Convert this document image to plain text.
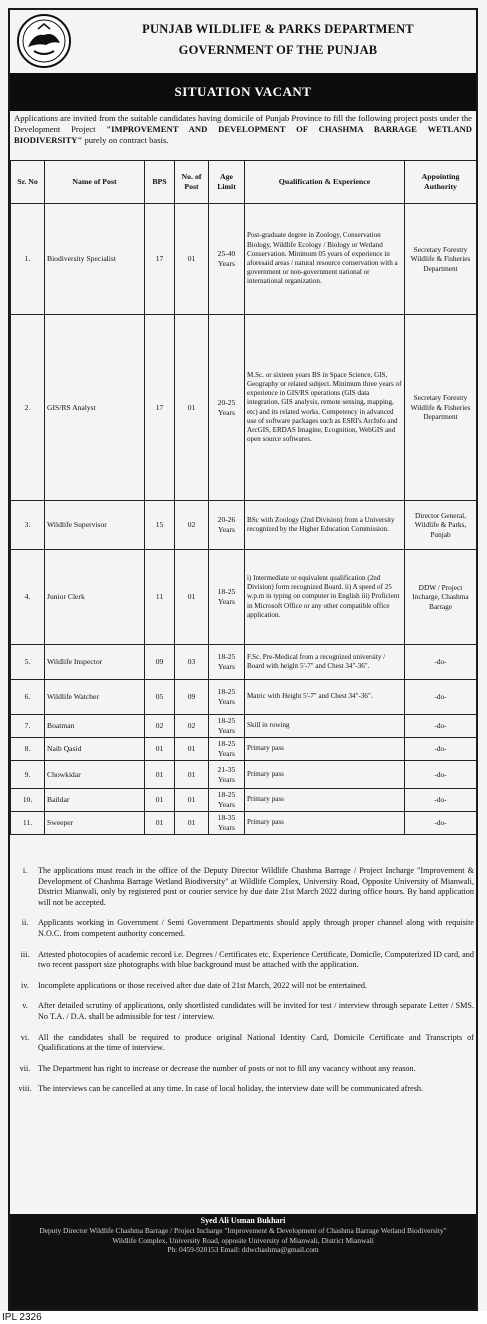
PUNJAB WILDLIFE & PARKS DEPARTMENT
GOVERNMENT OF THE PUNJAB
SITUATION VACANT
Applications are invited from the suitable candidates having domicile of Punjab Province to fill the following project posts under the Development Project "IMPROVEMENT AND DEVELOPMENT OF CHASHMA BARRAGE WETLAND BIODIVERSITY" purely on contract basis.
Sr. No	Name of Post	BPS	No. of Post	Age Limit	Qualification & Experience	Appointing Authority
1.	Biodiversity Specialist	17	01	25-40 Years	Post-graduate degree in Zoology, Conservation Biology, Wildlife Ecology / Biology or Wetland Conservation. Minimum 05 years of experience in aforesaid areas / natural resource conservation with a government or non-government national or international organization.	Secretary Forestry Wildlife & Fisheries Department
2.	GIS/RS Analyst	17	01	20-25 Years	M.Sc. or sixteen years BS in Space Science, GIS, Geography or related subject. Minimum three years of experience in GIS/RS operations (GIS data integration, GIS analysis, remote sensing, mapping, etc) and its related works. Competency in advanced use of software packages such as ESRI's ArcInfo and ArcGIS, ERDAS Imagine, Ecognition, WebGIS and open source softwares.	Secretary Forestry Wildlife & Fisheries Department
3.	Wildlife Supervisor	15	02	20-26 Years	BSc with Zoology (2nd Division) from a University recognized by the Higher Education Commission.	Director General, Wildlife & Parks, Punjab
4.	Junior Clerk	11	01	18-25 Years	i) Intermediate or equivalent qualification (2nd Division) form recognized Board. ii) A speed of 25 w.p.m in typing on computer in English iii) Proficient in Microsoft Office or any other compatible office application.	DDW / Project Incharge, Chashma Barrage
5.	Wildlife Inspector	09	03	18-25 Years	F.Sc. Pre-Medical from a recognized university / Board with height 5'-7" and Chest 34"-36".	-do-
6.	Wildlife Watcher	05	09	18-25 Years	Matric with Height 5'-7" and Chest 34"-36".	-do-
7.	Boatman	02	02	18-25 Years	Skill in rowing	-do-
8.	Naib Qasid	01	01	18-25 Years	Primary pass	-do-
9.	Chowkidar	01	01	21-35 Years	Primary pass	-do-
10.	Baildar	01	01	18-25 Years	Primary pass	-do-
11.	Sweeper	01	01	18-35 Years	Primary pass	-do-
i.	The applications must reach in the office of the Deputy Director Wildlife Chashma Barrage / Project Incharge "Improvement & Development of Chashma Barrage Wetland Biodiversity" at Wildlife Complex, University Road, Opposite University of Mianwali, District Mianwali, only by registered post or courier service by due date 21st March 2022 during office hours. By hand application will not be accepted.
ii.	Applicants working in Government / Semi Government Departments should apply through proper channel along with requisite N.O.C. from competent authority concerned.
iii.	Attested photocopies of academic record i.e. Degrees / Certificates etc. Experience Certificate, Domicile, Computerized ID card, and two recent passport size photographs with blue background must be attached with the application.
iv.	Incomplete applications or those received after due date of 21st March, 2022 will not be entertained.
v.	After detailed scrutiny of applications, only shortlisted candidates will be invited for test / interview through separate Letter / SMS. No T.A. / D.A. shall be admissible for test / interview.
vi.	All the candidates shall be required to produce original National Identity Card, Domicile Certificate and Transcripts of Qualifications at the time of interview.
vii. The Department has right to increase or decrease the number of posts or not to fill any vacancy without any reason.
viii. The interviews can be cancelled at any time. In case of local holiday, the interview date will be communicated afresh.
Syed Ali Usman Bukhari
Deputy Director Wildlife Chashma Barrage / Project Incharge "Improvement & Development of Chashma Barrage Wetland Biodiversity"
Wildlife Complex, University Road, opposite University of Mianwali, District Mianwali
Ph: 0459-920153 Email: ddwchashma@gmail.com
IPL 2326
